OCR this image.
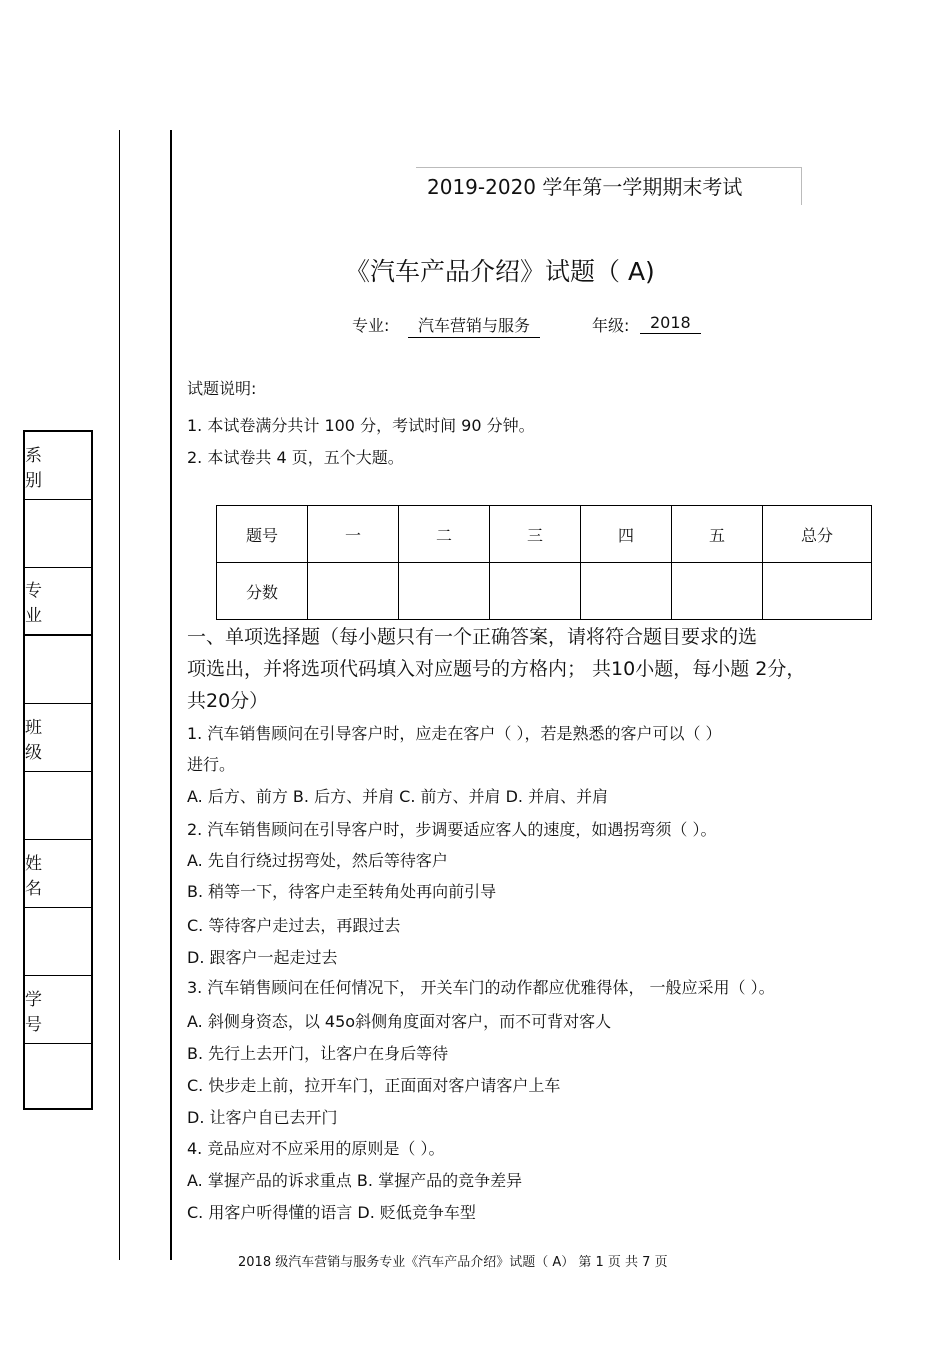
系 别
专 业
班 级
姓 名
学 号
2019-2020 学年第一学期期末考试
《汽车产品介绍》试题（ A)
专业:	汽车营销与服务	年级:	2018
试题说明:
1. 本试卷满分共计 100 分，考试时间 90 分钟。
2. 本试卷共 4 页，五个大题。
题号	一	二	三	四	五	总分
分数						
一、单项选择题（每小题只有一个正确答案，请将符合题目要求的选
项选出，并将选项代码填入对应题号的方格内； 共10小题，每小题 2分，
共20分）
1. 汽车销售顾问在引导客户时，应走在客户（ ），若是熟悉的客户可以（ ）
进行。
A. 后方、前方 B. 后方、并肩 C. 前方、并肩 D. 并肩、并肩
2. 汽车销售顾问在引导客户时，步调要适应客人的速度，如遇拐弯须（ ）。
A. 先自行绕过拐弯处，然后等待客户
B. 稍等一下，待客户走至转角处再向前引导
C. 等待客户走过去，再跟过去
D. 跟客户一起走过去
3. 汽车销售顾问在任何情况下， 开关车门的动作都应优雅得体， 一般应采用（ ）。
A. 斜侧身资态，以 45o斜侧角度面对客户，而不可背对客人
B. 先行上去开门，让客户在身后等待
C. 快步走上前，拉开车门，正面面对客户请客户上车
D. 让客户自已去开门
4. 竞品应对不应采用的原则是（ ）。
A. 掌握产品的诉求重点 B. 掌握产品的竞争差异
C. 用客户听得懂的语言 D. 贬低竞争车型
2018 级汽车营销与服务专业《汽车产品介绍》试题（ A） 第 1 页 共 7 页
